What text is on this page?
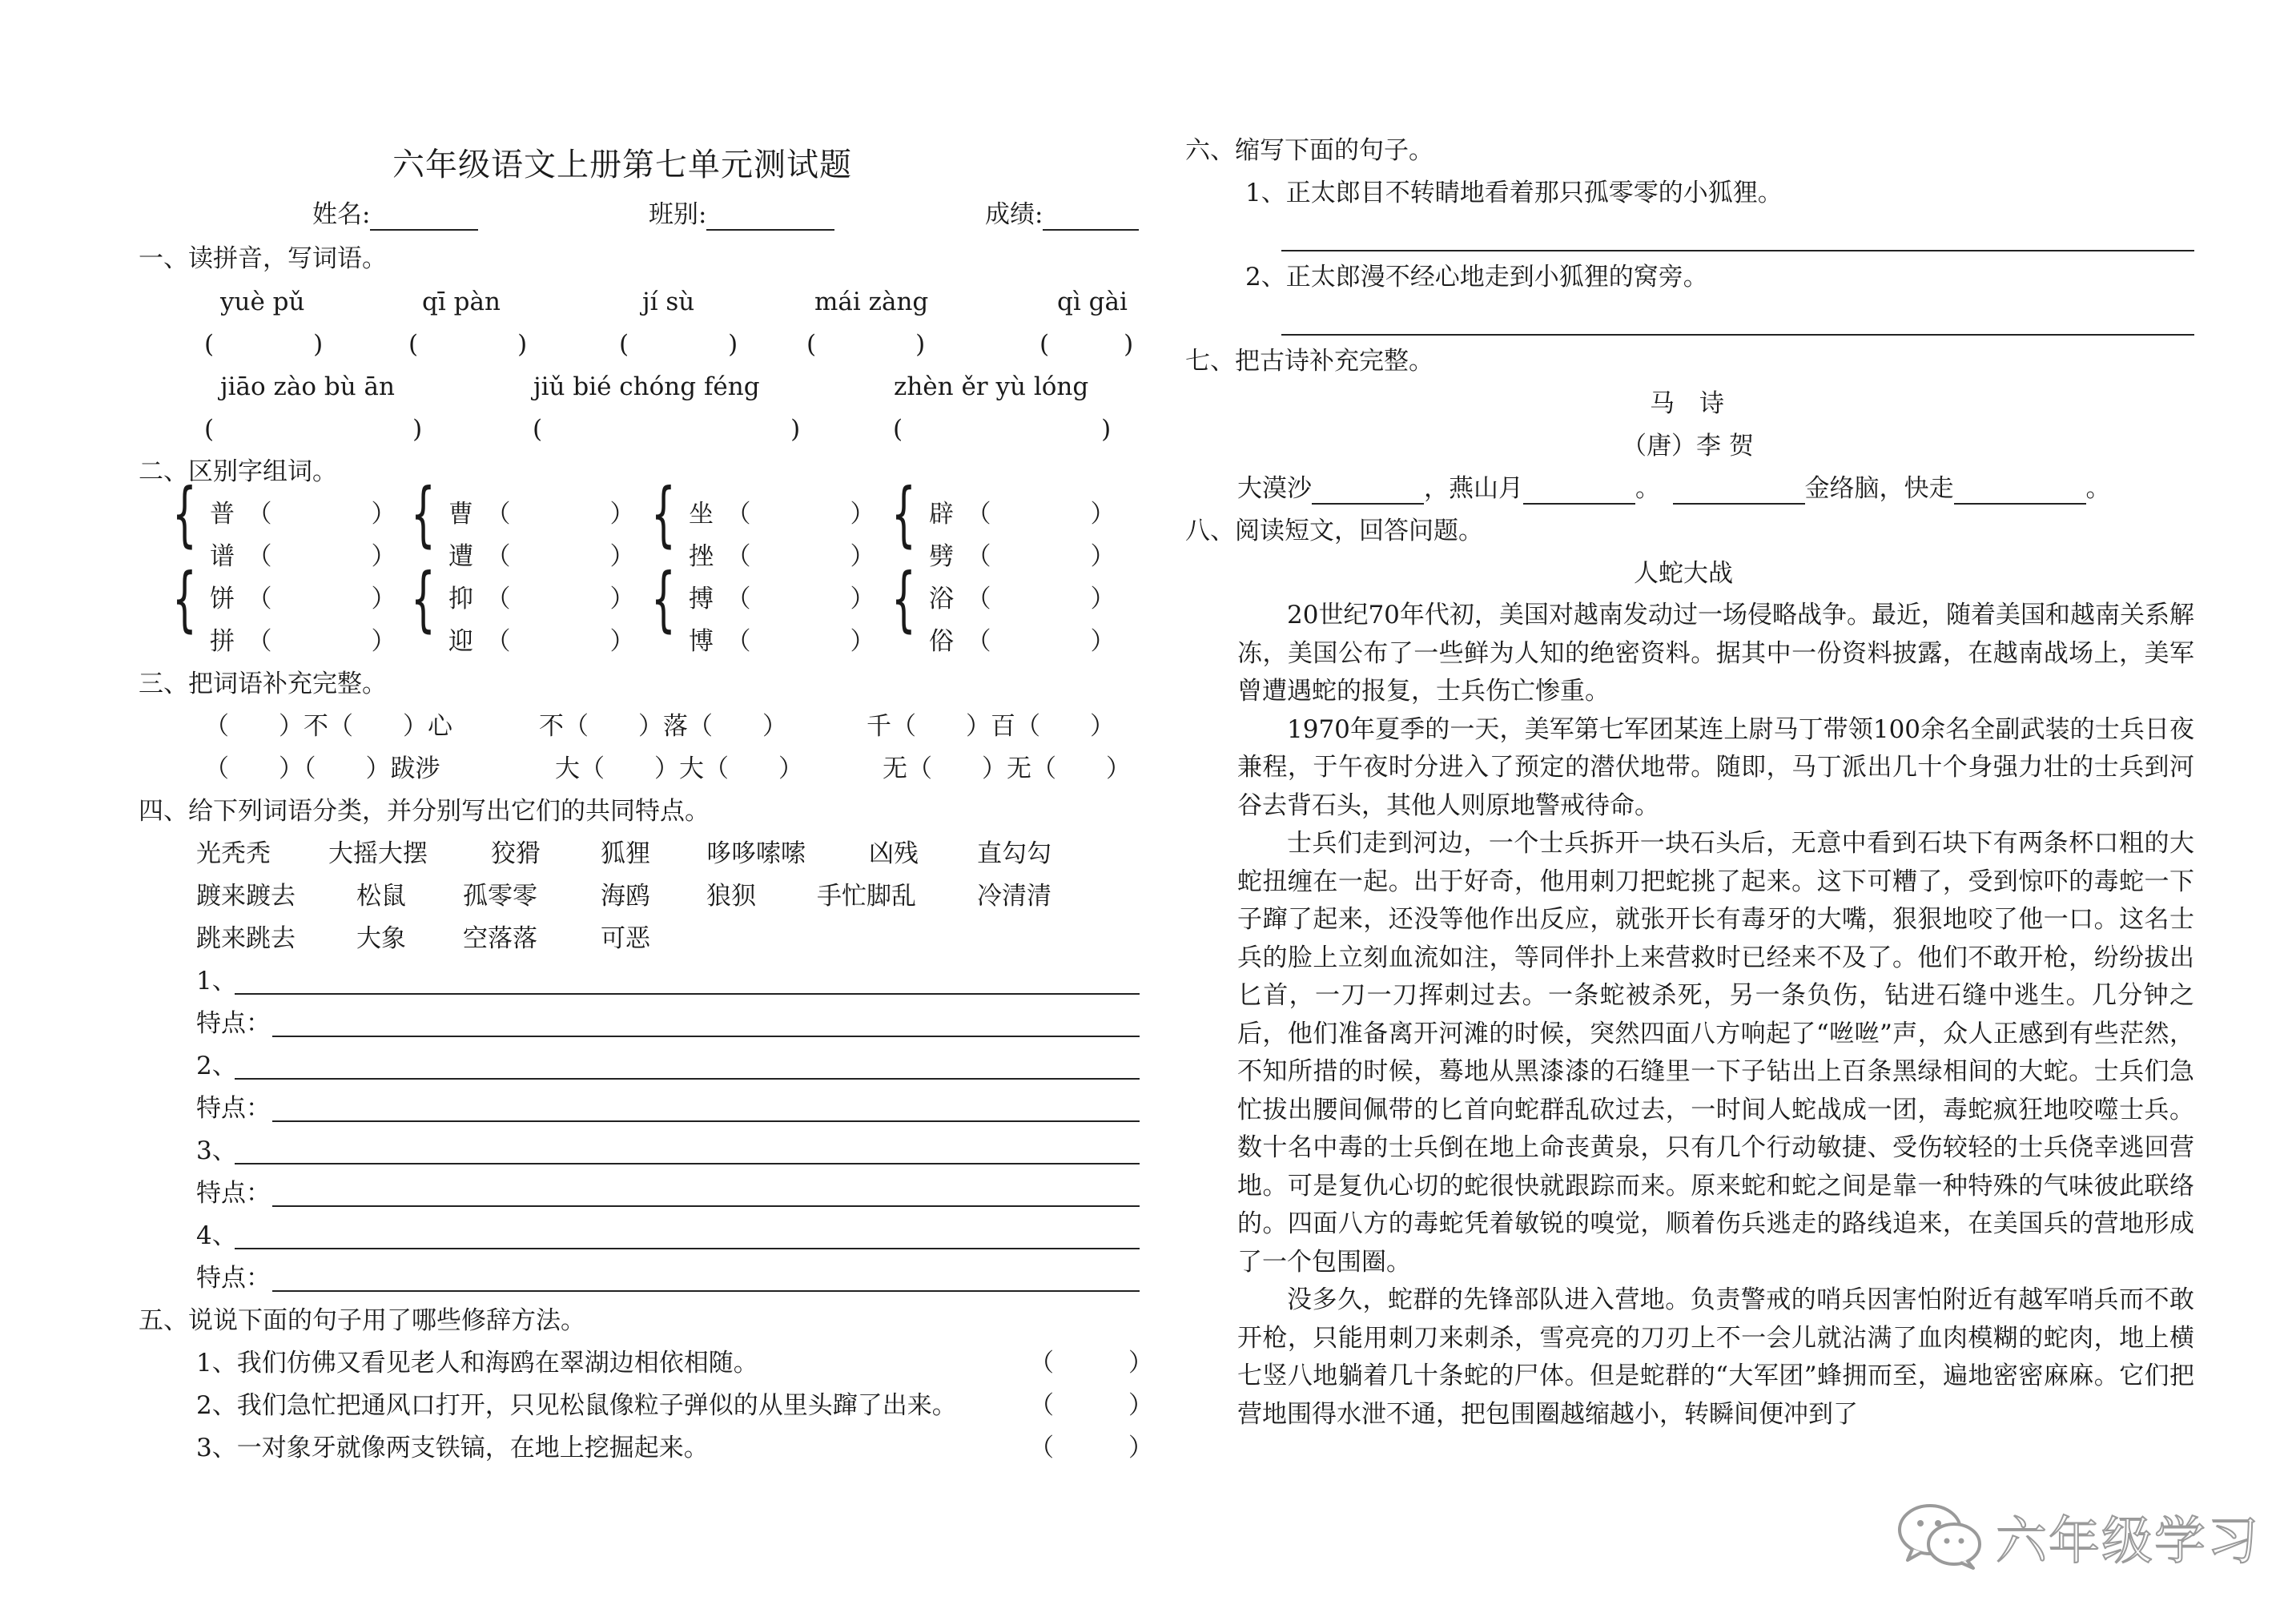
六年级语文上册第七单元测试题
姓名:	班别:	成绩:
一、读拼音，写词语。
yuè pǔ	qī pàn	jí sù	mái zàng	qì gài
(　　　　)	(　　　　)	(　　　　)	(　　　　)	(　　　)
jiāo zào bù ān	jiǔ bié chóng féng	zhèn ěr yù lóng
(　　　　　　　　)	(　　　　　　　　　　)	(　　　　　　　　)
二、区别字组词。
{ 普　（　　　　）
谱　（　　　　）
{ 曹　（　　　　）
遭　（　　　　）
{ 坐　（　　　　）
挫　（　　　　）
{ 辟　（　　　　）
劈　（　　　　）
{ 饼　（　　　　）
拼　（　　　　）
{ 抑　（　　　　）
迎　（　　　　）
{ 搏　（　　　　）
博　（　　　　）
{ 浴　（　　　　）
俗　（　　　　）
三、把词语补充完整。
（　　）不（　　）心	不（　　）落（　　）	千（　　）百（　　）
（　　）（　　）跋涉	大（　　）大（　　）	无（　　）无（　　）
四、给下列词语分类，并分别写出它们的共同特点。
光秃秃 大摇大摆	狡猾 狐狸 哆哆嗦嗦	凶残 直勾勾
踱来踱去 松鼠 孤零零	海鸥 狼狈 手忙脚乱 冷清清
跳来跳去 大象 空落落	可恶
1、
特点：
2、
特点：
3、
特点：
4、
特点：
五、说说下面的句子用了哪些修辞方法。
1、我们仿佛又看见老人和海鸥在翠湖边相依相随。	（　　　）
2、我们急忙把通风口打开，只见松鼠像粒子弹似的从里头蹿了出来。	（　　　）
3、一对象牙就像两支铁镐，在地上挖掘起来。	（　　　）
六、缩写下面的句子。
1、正太郎目不转睛地看着那只孤零零的小狐狸。
2、正太郎漫不经心地走到小狐狸的窝旁。
七、把古诗补充完整。
马　诗
（唐）李 贺
大漠沙	，燕山月	。　	金络脑，快走	。
八、阅读短文，回答问题。
人蛇大战

20世纪70年代初，美国对越南发动过一场侵略战争。最近，随着美国和越南关系解冻，美国公布了一些鲜为人知的绝密资料。据其中一份资料披露，在越南战场上，美军曾遭遇蛇的报复，士兵伤亡惨重。

1970年夏季的一天，美军第七军团某连上尉马丁带领100余名全副武装的士兵日夜兼程，于午夜时分进入了预定的潜伏地带。随即，马丁派出几十个身强力壮的士兵到河谷去背石头，其他人则原地警戒待命。

士兵们走到河边，一个士兵拆开一块石头后，无意中看到石块下有两条杯口粗的大蛇扭缠在一起。出于好奇，他用刺刀把蛇挑了起来。这下可糟了，受到惊吓的毒蛇一下子蹿了起来，还没等他作出反应，就张开长有毒牙的大嘴，狠狠地咬了他一口。这名士兵的脸上立刻血流如注，等同伴扑上来营救时已经来不及了。他们不敢开枪，纷纷拔出匕首，一刀一刀挥刺过去。一条蛇被杀死，另一条负伤，钻进石缝中逃生。几分钟之后，他们准备离开河滩的时候，突然四面八方响起了“咝咝”声，众人正感到有些茫然，不知所措的时候，蓦地从黑漆漆的石缝里一下子钻出上百条黑绿相间的大蛇。士兵们急忙拔出腰间佩带的匕首向蛇群乱砍过去，一时间人蛇战成一团，毒蛇疯狂地咬噬士兵。数十名中毒的士兵倒在地上命丧黄泉，只有几个行动敏捷、受伤较轻的士兵侥幸逃回营地。可是复仇心切的蛇很快就跟踪而来。原来蛇和蛇之间是靠一种特殊的气味彼此联络的。四面八方的毒蛇凭着敏锐的嗅觉，顺着伤兵逃走的路线追来，在美国兵的营地形成了一个包围圈。

没多久，蛇群的先锋部队进入营地。负责警戒的哨兵因害怕附近有越军哨兵而不敢开枪，只能用刺刀来刺杀，雪亮亮的刀刃上不一会儿就沾满了血肉模糊的蛇肉，地上横七竖八地躺着几十条蛇的尸体。但是蛇群的“大军团”蜂拥而至，遍地密密麻麻。它们把营地围得水泄不通，把包围圈越缩越小，转瞬间便冲到了

六年级学习
